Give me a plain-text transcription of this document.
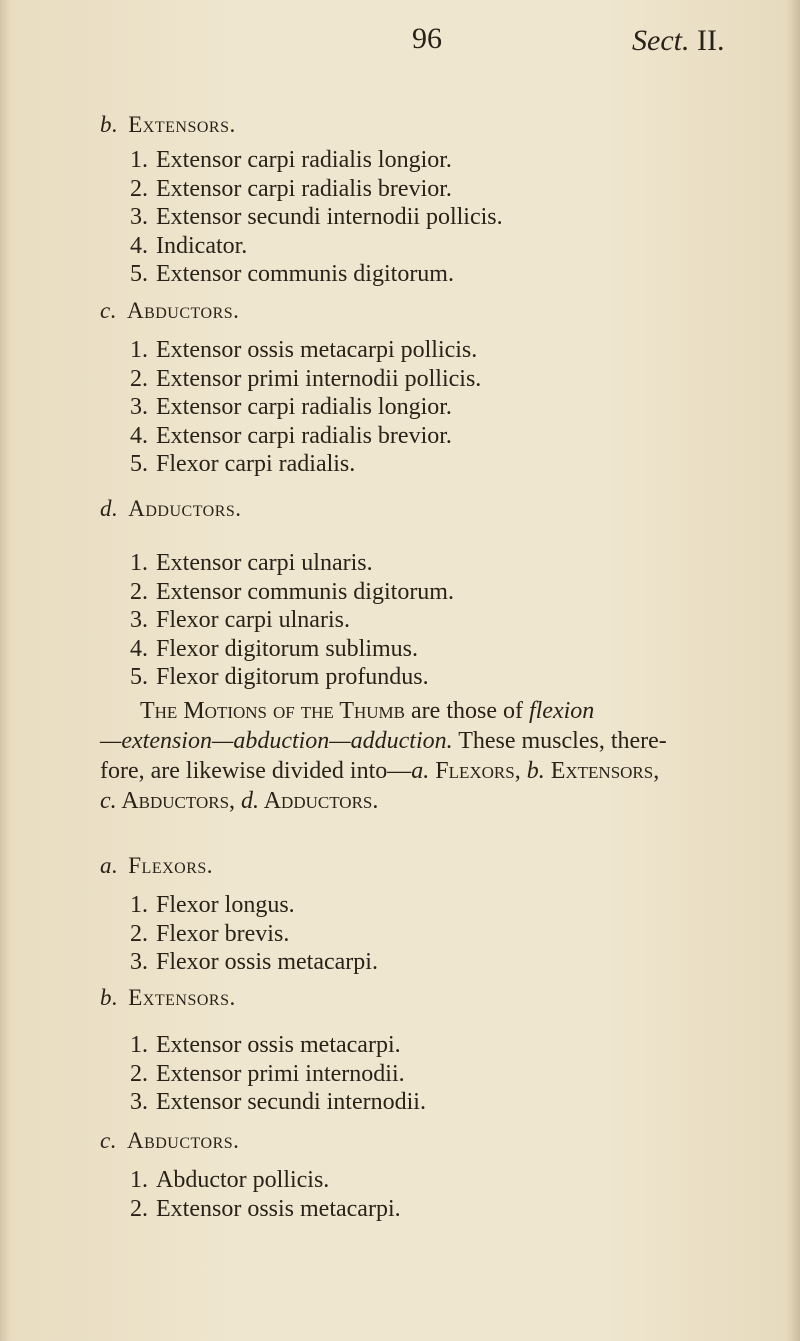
96	Sect. II.
b. Extensors.
1. Extensor carpi radialis longior.
2. Extensor carpi radialis brevior.
3. Extensor secundi internodii pollicis.
4. Indicator.
5. Extensor communis digitorum.
c. Abductors.
1. Extensor ossis metacarpi pollicis.
2. Extensor primi internodii pollicis.
3. Extensor carpi radialis longior.
4. Extensor carpi radialis brevior.
5. Flexor carpi radialis.
d. Adductors.
1. Extensor carpi ulnaris.
2. Extensor communis digitorum.
3. Flexor carpi ulnaris.
4. Flexor digitorum sublimus.
5. Flexor digitorum profundus.
The Motions of the Thumb are those of flexion
—extension—abduction—adduction. These muscles, there-
fore, are likewise divided into—a. Flexors, b. Extensors,
c. Abductors, d. Adductors.
a. Flexors.
1. Flexor longus.
2. Flexor brevis.
3. Flexor ossis metacarpi.
b. Extensors.
1. Extensor ossis metacarpi.
2. Extensor primi internodii.
3. Extensor secundi internodii.
c. Abductors.
1. Abductor pollicis.
2. Extensor ossis metacarpi.
